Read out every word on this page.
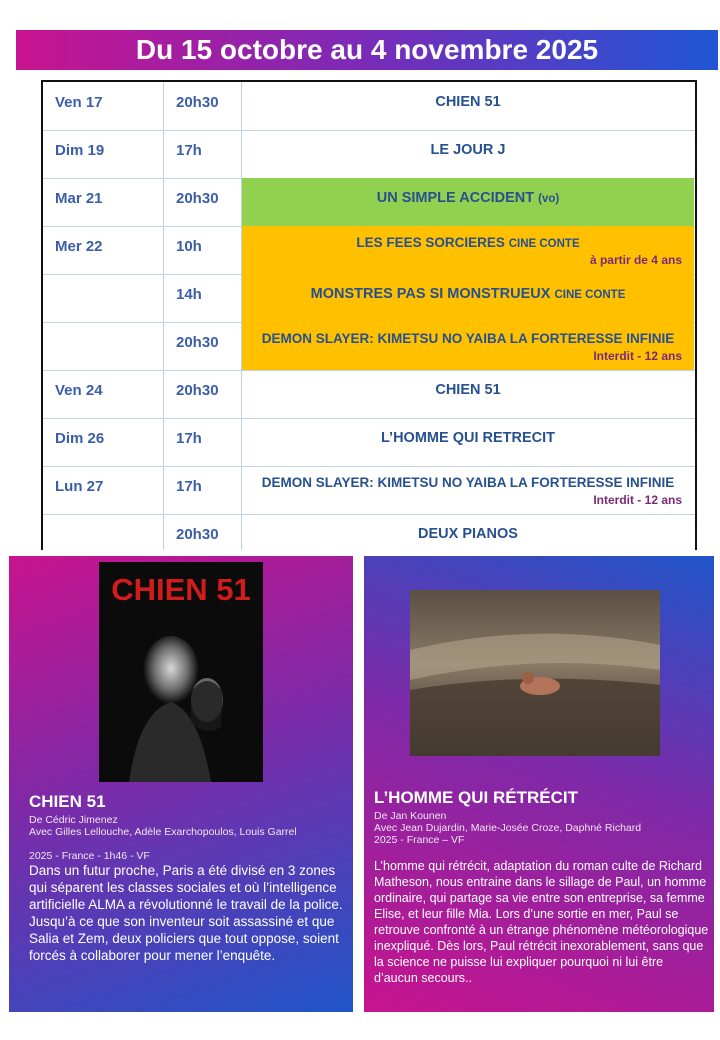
Du 15 octobre au 4 novembre 2025
Ven 17	20h30	CHIEN 51
Dim 19	17h	LE JOUR J
Mar 21	20h30	UN SIMPLE ACCIDENT (vo)
Mer 22	10h	LES FEES SORCIERES CINE CONTE
à partir de 4 ans
14h	MONSTRES PAS SI MONSTRUEUX CINE CONTE
20h30	DEMON SLAYER: KIMETSU NO YAIBA LA FORTERESSE INFINIE
Interdit - 12 ans
Ven 24	20h30	CHIEN 51
Dim 26	17h	L’HOMME QUI RETRECIT
Lun 27	17h	DEMON SLAYER: KIMETSU NO YAIBA LA FORTERESSE INFINIE
Interdit - 12 ans
20h30	DEUX PIANOS
CHIEN 51
CHIEN 51
De Cédric Jimenez
Avec Gilles Lellouche, Adèle Exarchopoulos, Louis Garrel
2025 - France - 1h46 - VF
Dans un futur proche, Paris a été divisé en 3 zones qui séparent les classes sociales et où l’intelligence artificielle ALMA a révolutionné le travail de la police. Jusqu’à ce que son inventeur soit assassiné et que Salia et Zem, deux policiers que tout oppose, soient forcés à collaborer pour mener l’enquête.
L’HOMME QUI RÉTRÉCIT
De Jan Kounen
Avec Jean Dujardin, Marie-Josée Croze, Daphné Richard
2025 - France – VF
L’homme qui rétrécit, adaptation du roman culte de Richard Matheson, nous entraine dans le sillage de Paul, un homme ordinaire, qui partage sa vie entre son entreprise, sa femme Elise, et leur fille Mia. Lors d’une sortie en mer, Paul se retrouve confronté à un étrange phénomène météorologique inexpliqué. Dès lors, Paul rétrécit inexorablement, sans que la science ne puisse lui expliquer pourquoi ni lui être d’aucun secours..
